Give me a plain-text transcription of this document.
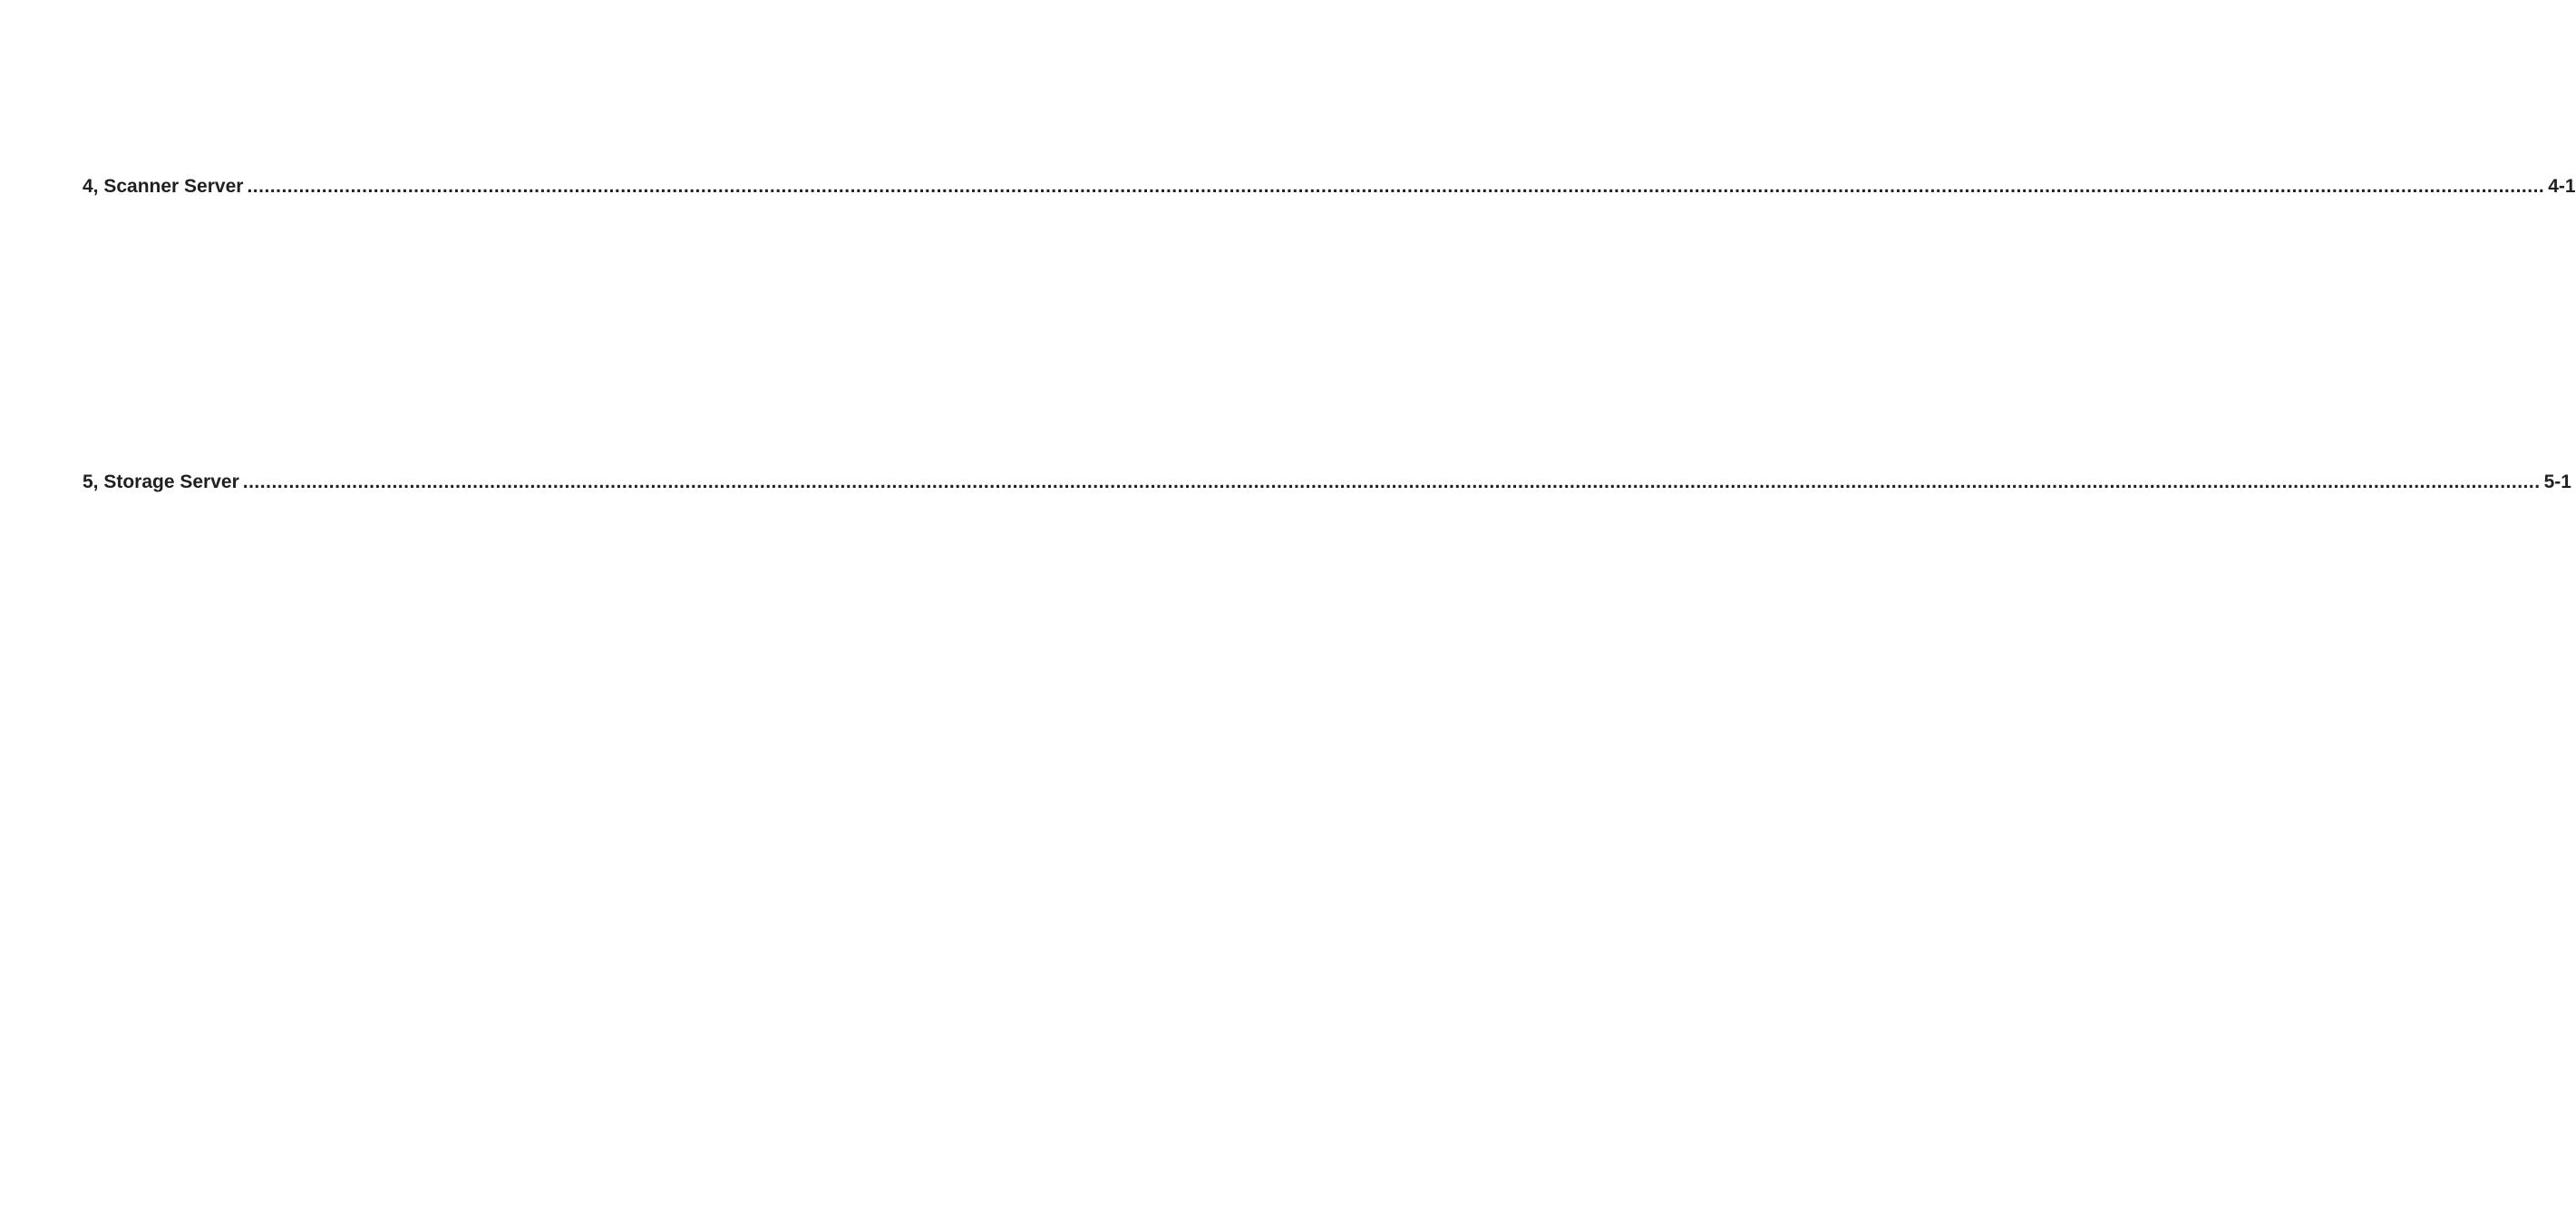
4, Scanner Server ................................................................................................................................................................................................................................................................................................................................................................................................................ 4-1
5, Storage Server ................................................................................................................................................................................................................................................................................................................................................................................................................ 5-1
